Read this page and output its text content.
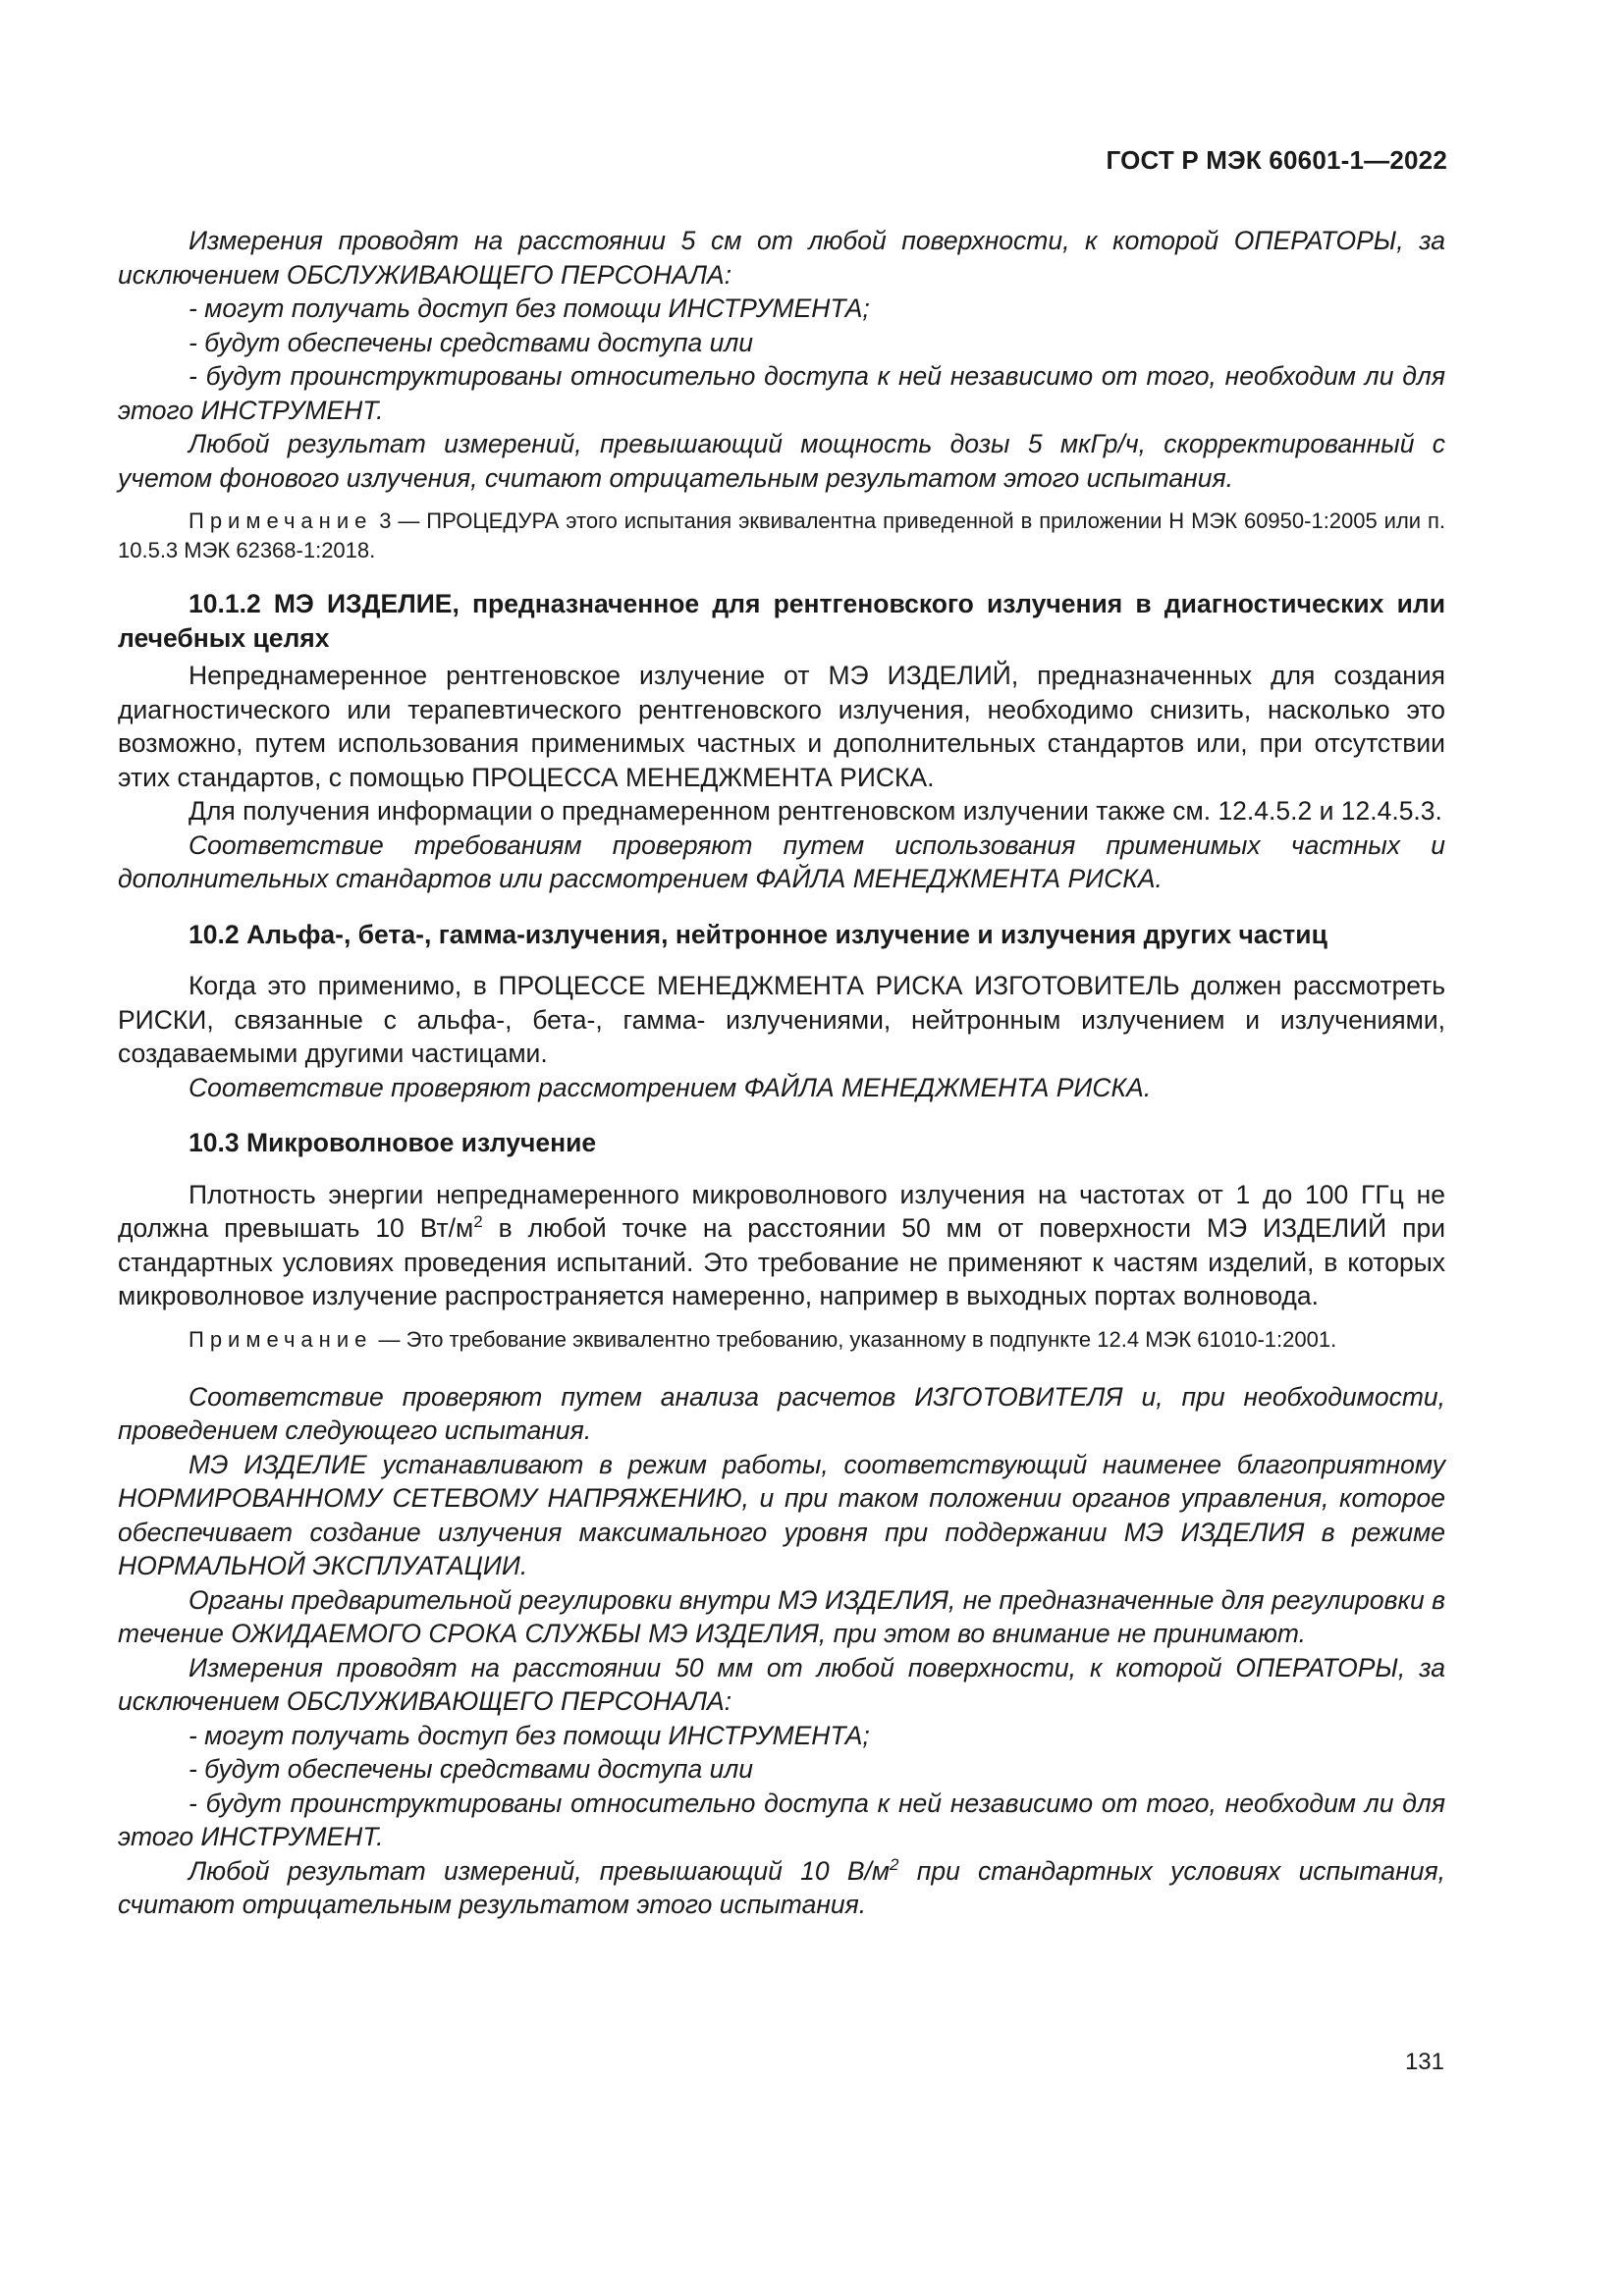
ГОСТ Р МЭК 60601-1—2022

Измерения проводят на расстоянии 5 см от любой поверхности, к которой ОПЕРАТОРЫ, за исключением ОБСЛУЖИВАЮЩЕГО ПЕРСОНАЛА:

- могут получать доступ без помощи ИНСТРУМЕНТА;

- будут обеспечены средствами доступа или

- будут проинструктированы относительно доступа к ней независимо от того, необходим ли для этого ИНСТРУМЕНТ.

Любой результат измерений, превышающий мощность дозы 5 мкГр/ч, скорректированный с учетом фонового излучения, считают отрицательным результатом этого испытания.

Примечание 3 — ПРОЦЕДУРА этого испытания эквивалентна приведенной в приложении H МЭК 60950-1:2005 или п. 10.5.3 МЭК 62368-1:2018.

10.1.2 МЭ ИЗДЕЛИЕ, предназначенное для рентгеновского излучения в диагностических или лечебных целях

Непреднамеренное рентгеновское излучение от МЭ ИЗДЕЛИЙ, предназначенных для создания диагностического или терапевтического рентгеновского излучения, необходимо снизить, насколько это возможно, путем использования применимых частных и дополнительных стандартов или, при отсутствии этих стандартов, с помощью ПРОЦЕССА МЕНЕДЖМЕНТА РИСКА.

Для получения информации о преднамеренном рентгеновском излучении также см. 12.4.5.2 и 12.4.5.3.

Соответствие требованиям проверяют путем использования применимых частных и дополнительных стандартов или рассмотрением ФАЙЛА МЕНЕДЖМЕНТА РИСКА.

10.2 Альфа-, бета-, гамма-излучения, нейтронное излучение и излучения других частиц

Когда это применимо, в ПРОЦЕССЕ МЕНЕДЖМЕНТА РИСКА ИЗГОТОВИТЕЛЬ должен рассмотреть РИСКИ, связанные с альфа-, бета-, гамма- излучениями, нейтронным излучением и излучениями, создаваемыми другими частицами.

Соответствие проверяют рассмотрением ФАЙЛА МЕНЕДЖМЕНТА РИСКА.

10.3 Микроволновое излучение

Плотность энергии непреднамеренного микроволнового излучения на частотах от 1 до 100 ГГц не должна превышать 10 $Вт/м^2$ в любой точке на расстоянии 50 мм от поверхности МЭ ИЗДЕЛИЙ при стандартных условиях проведения испытаний. Это требование не применяют к частям изделий, в которых микроволновое излучение распространяется намеренно, например в выходных портах волновода.

Примечание — Это требование эквивалентно требованию, указанному в подпункте 12.4 МЭК 61010-1:2001.

Соответствие проверяют путем анализа расчетов ИЗГОТОВИТЕЛЯ и, при необходимости, проведением следующего испытания.

МЭ ИЗДЕЛИЕ устанавливают в режим работы, соответствующий наименее благоприятному НОРМИРОВАННОМУ СЕТЕВОМУ НАПРЯЖЕНИЮ, и при таком положении органов управления, которое обеспечивает создание излучения максимального уровня при поддержании МЭ ИЗДЕЛИЯ в режиме НОРМАЛЬНОЙ ЭКСПЛУАТАЦИИ.

Органы предварительной регулировки внутри МЭ ИЗДЕЛИЯ, не предназначенные для регулировки в течение ОЖИДАЕМОГО СРОКА СЛУЖБЫ МЭ ИЗДЕЛИЯ, при этом во внимание не принимают.

Измерения проводят на расстоянии 50 мм от любой поверхности, к которой ОПЕРАТОРЫ, за исключением ОБСЛУЖИВАЮЩЕГО ПЕРСОНАЛА:

- могут получать доступ без помощи ИНСТРУМЕНТА;

- будут обеспечены средствами доступа или

- будут проинструктированы относительно доступа к ней независимо от того, необходим ли для этого ИНСТРУМЕНТ.

Любой результат измерений, превышающий 10 $В/м^2$ при стандартных условиях испытания, считают отрицательным результатом этого испытания.

131
